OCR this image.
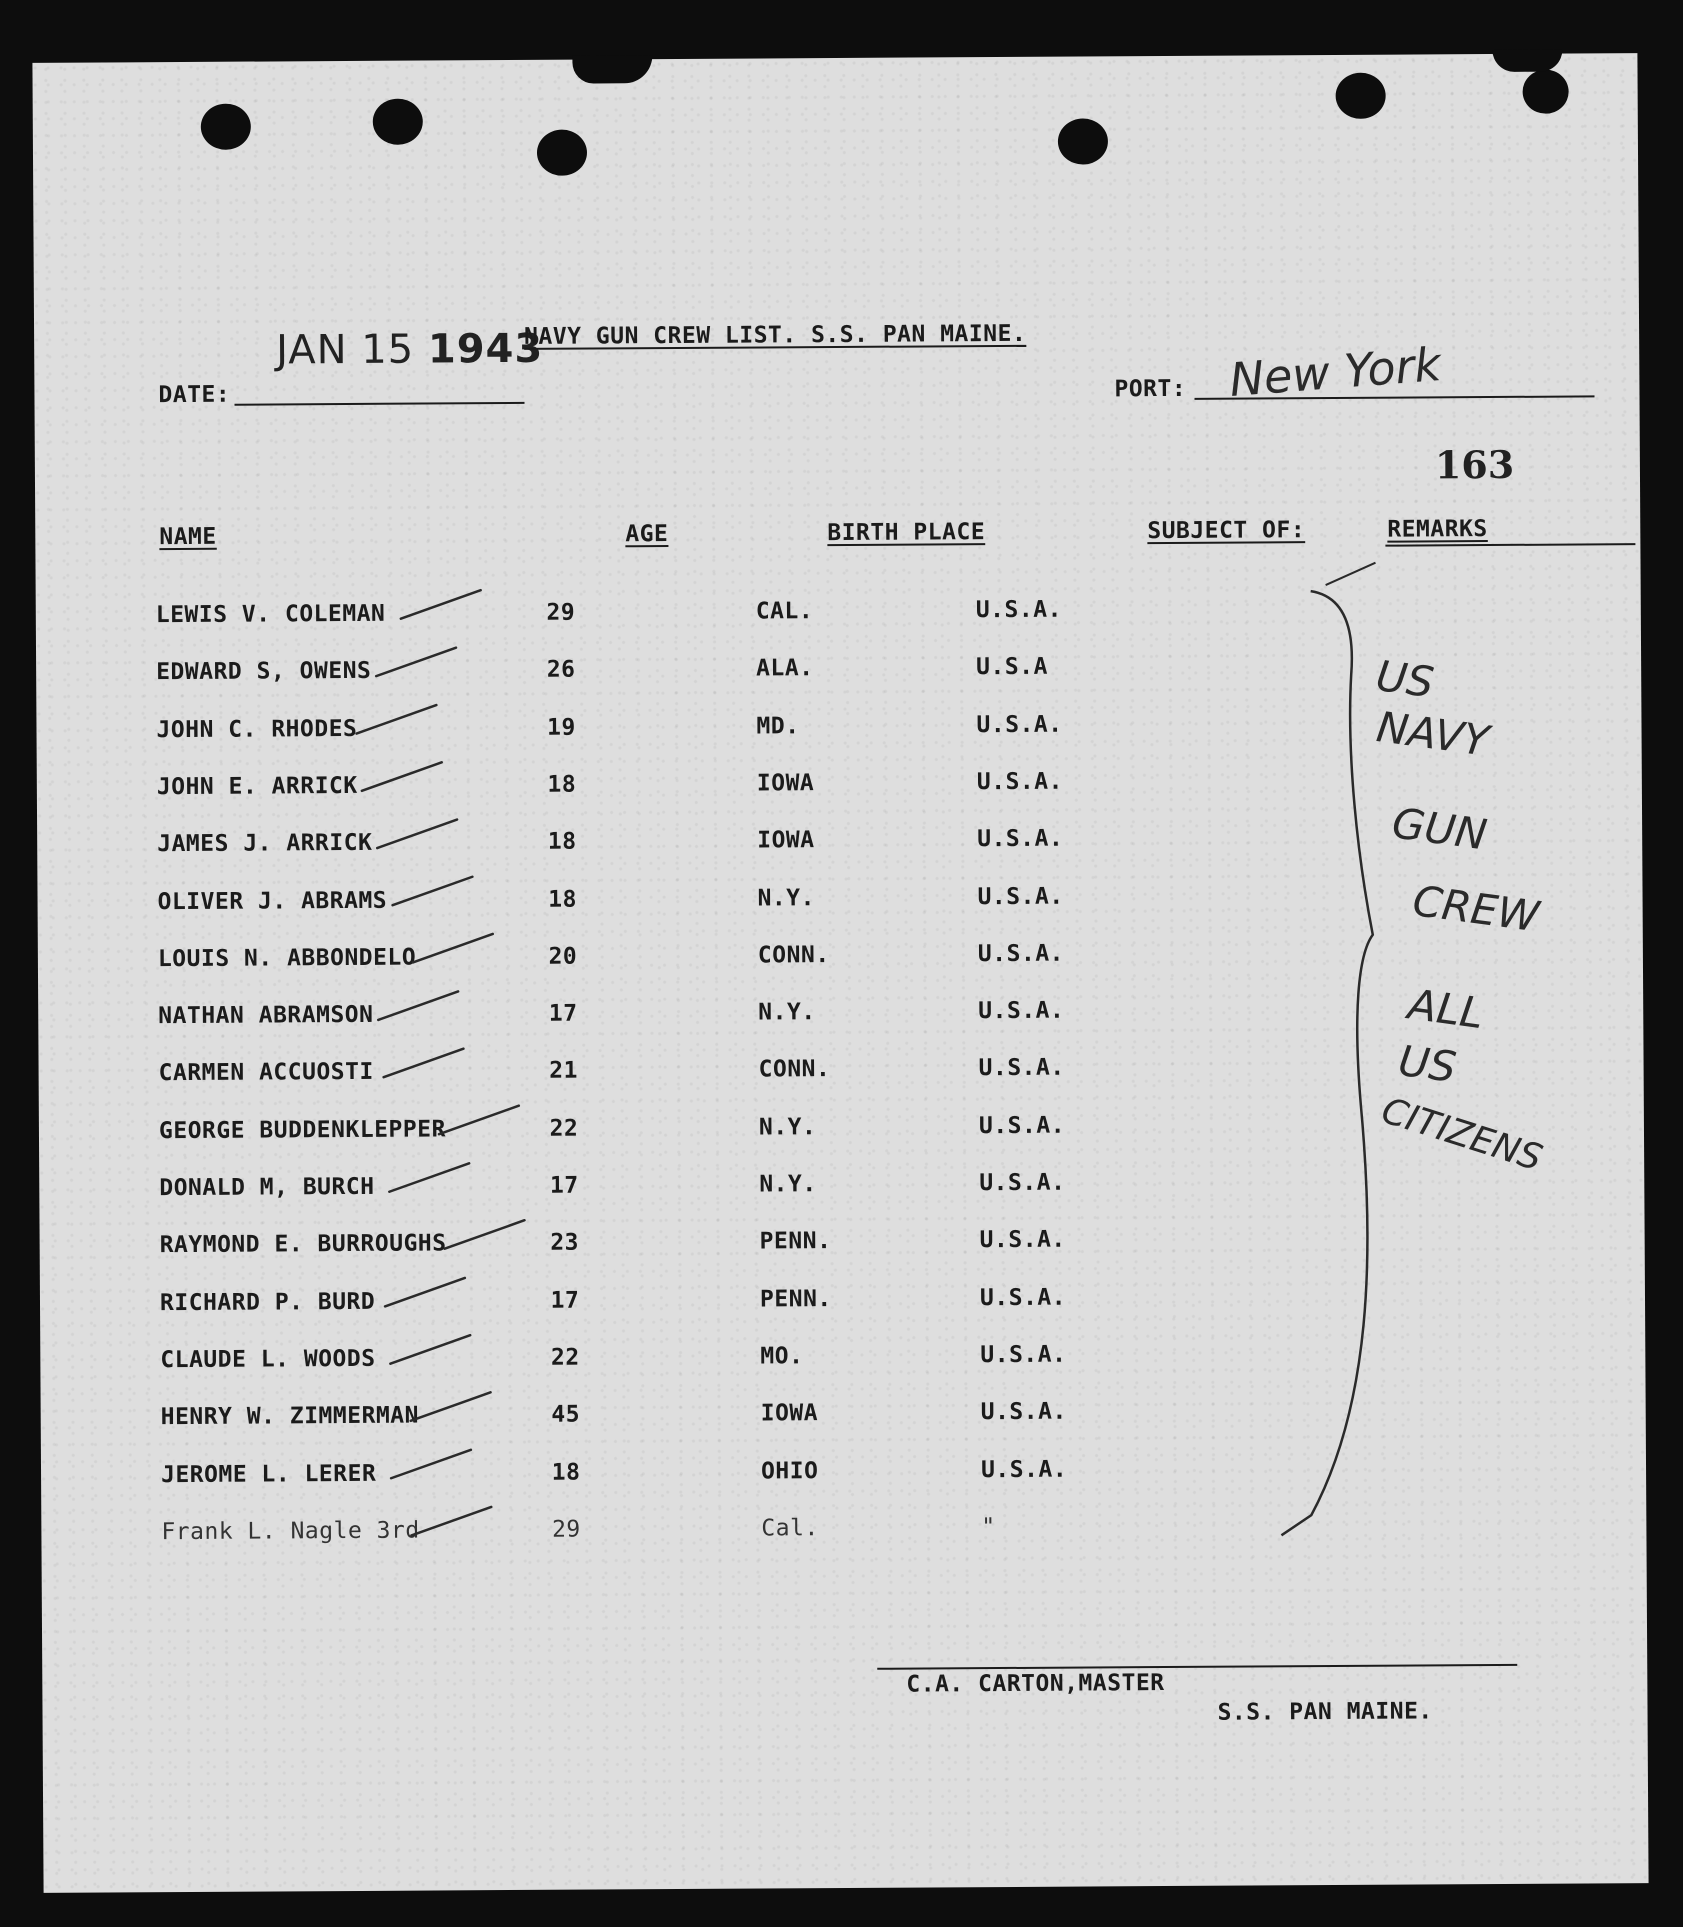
JAN 15 1943
NAVY GUN CREW LIST. S.S. PAN MAINE.
DATE:	PORT: New York
163
NAME	AGE	BIRTH PLACE	SUBJECT OF:	REMARKS
LEWIS V. COLEMAN	29	CAL.	U.S.A.
EDWARD S, OWENS	26	ALA.	U.S.A
JOHN C. RHODES	19	MD.	U.S.A.
JOHN E. ARRICK	18	IOWA	U.S.A.
JAMES J. ARRICK	18	IOWA	U.S.A.
OLIVER J. ABRAMS	18	N.Y.	U.S.A.
LOUIS N. ABBONDELO	20	CONN.	U.S.A.
NATHAN ABRAMSON	17	N.Y.	U.S.A.
CARMEN ACCUOSTI	21	CONN.	U.S.A.
GEORGE BUDDENKLEPPER	22	N.Y.	U.S.A.
DONALD M, BURCH	17	N.Y.	U.S.A.
RAYMOND E. BURROUGHS	23	PENN.	U.S.A.
RICHARD P. BURD	17	PENN.	U.S.A.
CLAUDE L. WOODS	22	MO.	U.S.A.
HENRY W. ZIMMERMAN	45	IOWA	U.S.A.
JEROME L. LERER	18	OHIO	U.S.A.
Frank L. Nagle 3rd	29	Cal.	"
US
NAVY
GUN
CREW
ALL
US
CITIZENS
C.A. CARTON,MASTER
S.S. PAN MAINE.
